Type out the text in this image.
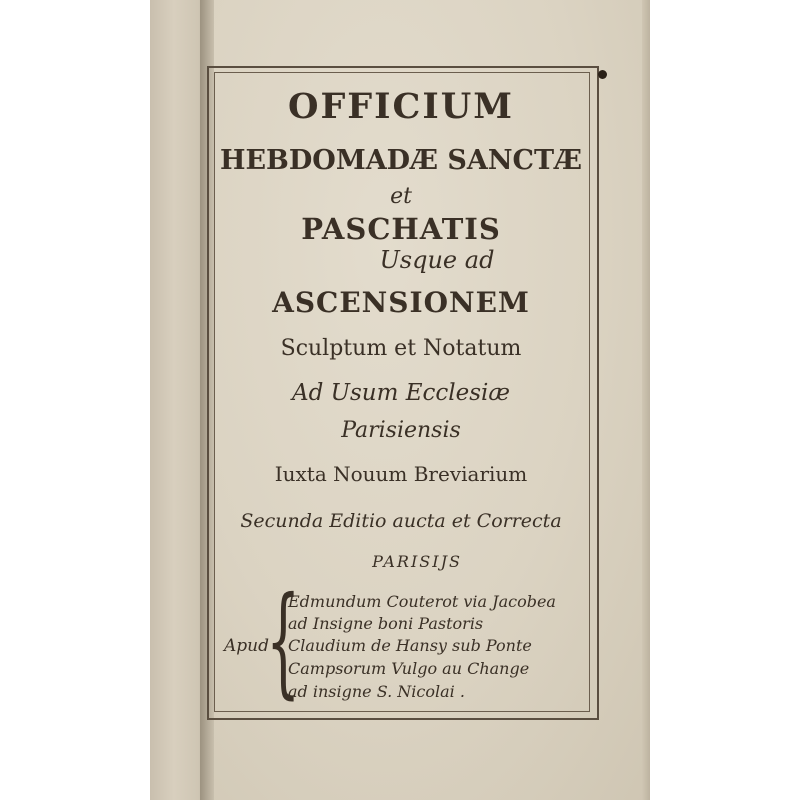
OFFICIUM
HEBDOMADÆ SANCTÆ
et
PASCHATIS
Usque ad
ASCENSIONEM
Sculptum et Notatum
Ad Usum Ecclesiæ
Parisiensis
Iuxta Nouum Breviarium
Secunda Editio aucta et Correcta
PARISIJS
Apud
{
Edmundum Couterot via Jacobea
ad Insigne boni Pastoris
Claudium de Hansy sub Ponte
Campsorum Vulgo au Change
ad insigne S. Nicolai .
